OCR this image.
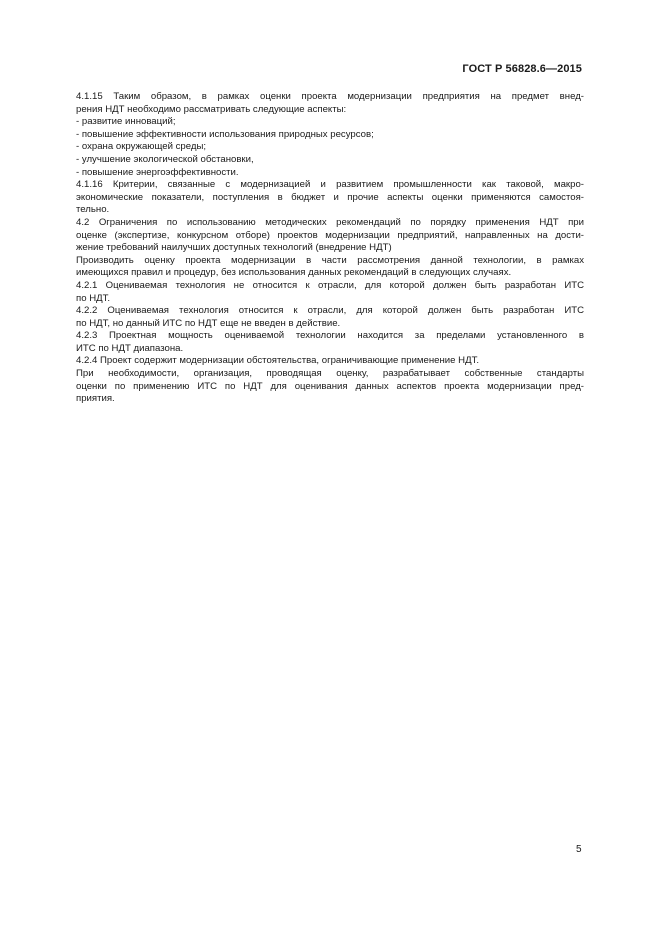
ГОСТ Р 56828.6—2015
4.1.15 Таким образом, в рамках оценки проекта модернизации предприятия на предмет внед-
рения НДТ необходимо рассматривать следующие аспекты:
- развитие инноваций;
- повышение эффективности использования природных ресурсов;
- охрана окружающей среды;
- улучшение экологической обстановки,
- повышение энергоэффективности.
4.1.16 Критерии, связанные с модернизацией и развитием промышленности как таковой, макро-
экономические показатели, поступления в бюджет и прочие аспекты оценки применяются самостоя-
тельно.
4.2 Ограничения по использованию методических рекомендаций по порядку применения НДТ при
оценке (экспертизе, конкурсном отборе) проектов модернизации предприятий, направленных на дости-
жение требований наилучших доступных технологий (внедрение НДТ)
Производить оценку проекта модернизации в части рассмотрения данной технологии, в рамках
имеющихся правил и процедур, без использования данных рекомендаций в следующих случаях.
4.2.1 Оцениваемая технология не относится к отрасли, для которой должен быть разработан ИТС
по НДТ.
4.2.2 Оцениваемая технология относится к отрасли, для которой должен быть разработан ИТС
по НДТ, но данный ИТС по НДТ еще не введен в действие.
4.2.3 Проектная мощность оцениваемой технологии находится за пределами установленного в
ИТС по НДТ диапазона.
4.2.4 Проект содержит модернизации обстоятельства, ограничивающие применение НДТ.
При необходимости, организация, проводящая оценку, разрабатывает собственные стандарты
оценки по применению ИТС по НДТ для оценивания данных аспектов проекта модернизации пред-
приятия.
5
